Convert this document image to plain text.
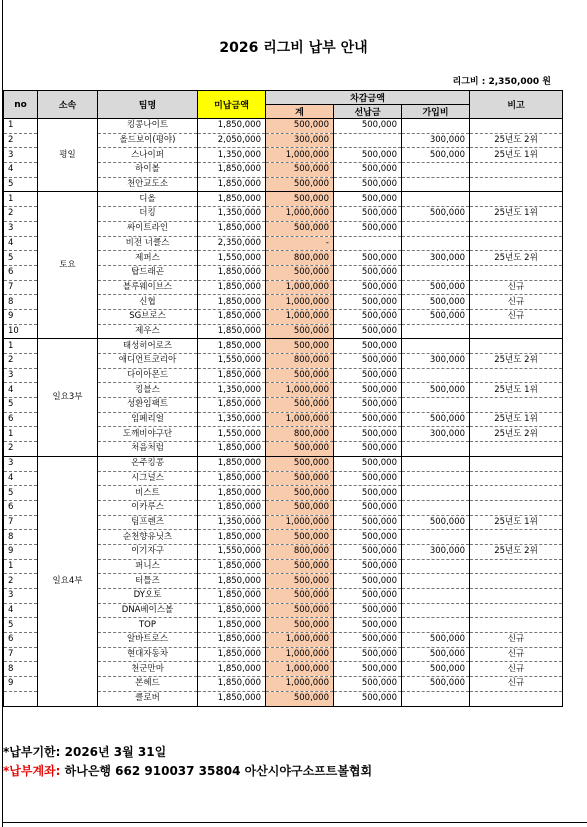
2026 리그비 납부 안내
리그비 : 2,350,000 원
no	소속	팀명	미납금액	차감금액			비고
				계	선납금	가입비	
1	평일	킹콩나이트	1,850,000	500,000	500,000		
2		올드보이(평야)	2,050,000	300,000		300,000	25년도 2위
3		스나이퍼	1,350,000	1,000,000	500,000	500,000	25년도 1위
4		하이볼	1,850,000	500,000	500,000		
5		천안교도소	1,850,000	500,000	500,000		
1	토요	디올	1,850,000	500,000	500,000		
2		더킹	1,350,000	1,000,000	500,000	500,000	25년도 1위
3		싸이트라인	1,850,000	500,000	500,000		
4		비전 너클스	2,350,000	-			
5		제퍼스	1,550,000	800,000	500,000	300,000	25년도 2위
6		탑드래곤	1,850,000	500,000	500,000		
7		블루웨이브스	1,850,000	1,000,000	500,000	500,000	신규
8		신협	1,850,000	1,000,000	500,000	500,000	신규
9		SG브로스	1,850,000	1,000,000	500,000	500,000	신규
10		제우스	1,850,000	500,000	500,000		
1	일요3부	태성히어로즈	1,850,000	500,000	500,000		
2		애디언트코리아	1,550,000	800,000	500,000	300,000	25년도 2위
3		다이아몬드	1,850,000	500,000	500,000		
4		킹블스	1,350,000	1,000,000	500,000	500,000	25년도 1위
5		성환임팩트	1,850,000	500,000	500,000		
6		임페리얼	1,350,000	1,000,000	500,000	500,000	25년도 1위
1		도깨비야구단	1,550,000	800,000	500,000	300,000	25년도 2위
2		처음처럼	1,850,000	500,000	500,000		
3	일요4부	온주킹콩	1,850,000	500,000	500,000		
4		시그널스	1,850,000	500,000	500,000		
5		비스트	1,850,000	500,000	500,000		
6		이카루스	1,850,000	500,000	500,000		
7		팀프렌즈	1,350,000	1,000,000	500,000	500,000	25년도 1위
8		순천향유닛츠	1,850,000	500,000	500,000		
9		이기자구	1,550,000	800,000	500,000	300,000	25년도 2위
1		퍼니스	1,850,000	500,000	500,000		
2		터틀즈	1,850,000	500,000	500,000		
3		DY오토	1,850,000	500,000	500,000		
4		DNA베이스볼	1,850,000	500,000	500,000		
5		TOP	1,850,000	500,000	500,000		
6		알바트로스	1,850,000	1,000,000	500,000	500,000	신규
7		현대자동차	1,850,000	1,000,000	500,000	500,000	신규
8		천군만마	1,850,000	1,000,000	500,000	500,000	신규
9		본헤드	1,850,000	1,000,000	500,000	500,000	신규
		클로버	1,850,000	500,000	500,000		
*납부기한: 2026년 3월 31일
*납부계좌: 하나은행 662 910037 35804 아산시야구소프트볼협회
